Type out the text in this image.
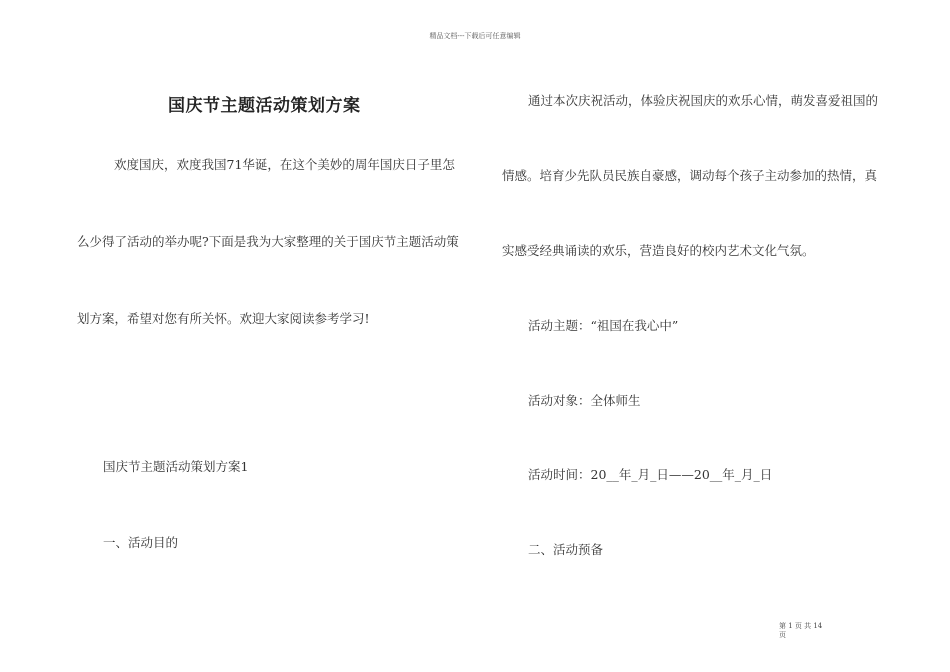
精品文档---下载后可任意编辑
国庆节主题活动策划方案
欢度国庆，欢度我国71华诞，在这个美妙的周年国庆日子里怎
么少得了活动的举办呢?下面是我为大家整理的关于国庆节主题活动策
划方案，希望对您有所关怀。欢迎大家阅读参考学习!
国庆节主题活动策划方案1
一、活动目的
通过本次庆祝活动，体验庆祝国庆的欢乐心情，萌发喜爱祖国的
情感。培育少先队员民族自豪感，调动每个孩子主动参加的热情，真
实感受经典诵读的欢乐，营造良好的校内艺术文化气氛。
活动主题：“祖国在我心中”
活动对象：全体师生
活动时间：20__年_月_日——20__年_月_日
二、活动预备
第 1 页 共 14
页
